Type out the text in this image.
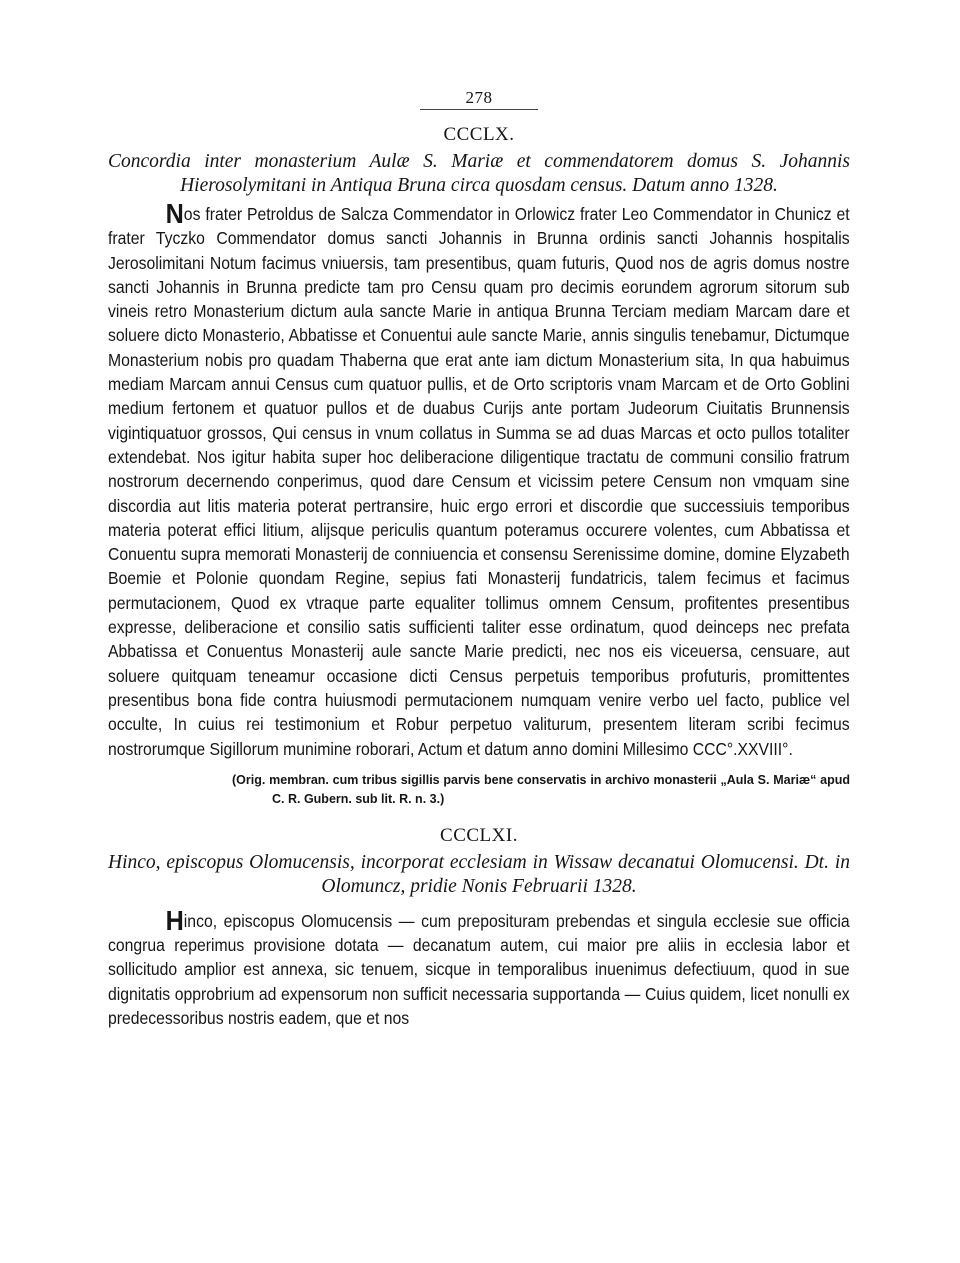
278
CCCLX.
Concordia inter monasterium Aulæ S. Mariæ et commendatorem domus S. Johannis Hierosolymitani in Antiqua Bruna circa quosdam census. Datum anno 1328.

Nos frater Petroldus de Salcza Commendator in Orlowicz frater Leo Commendator in Chunicz et frater Tyczko Commendator domus sancti Johannis in Brunna ordinis sancti Johannis hospitalis Jerosolimitani Notum facimus vniuersis, tam presentibus, quam futuris, Quod nos de agris domus nostre sancti Johannis in Brunna predicte tam pro Censu quam pro decimis eorundem agrorum sitorum sub vineis retro Monasterium dictum aula sancte Marie in antiqua Brunna Terciam mediam Marcam dare et soluere dicto Monasterio, Abbatisse et Conuentui aule sancte Marie, annis singulis tenebamur, Dictumque Monasterium nobis pro quadam Thaberna que erat ante iam dictum Monasterium sita, In qua habuimus mediam Marcam annui Census cum quatuor pullis, et de Orto scriptoris vnam Marcam et de Orto Goblini medium fertonem et quatuor pullos et de duabus Curijs ante portam Judeorum Ciuitatis Brunnensis vigintiquatuor grossos, Qui census in vnum collatus in Summa se ad duas Marcas et octo pullos totaliter extendebat. Nos igitur habita super hoc deliberacione diligentique tractatu de communi consilio fratrum nostrorum decernendo conperimus, quod dare Censum et vicissim petere Censum non vmquam sine discordia aut litis materia poterat pertransire, huic ergo errori et discordie que successiuis temporibus materia poterat effici litium, alijsque periculis quantum poteramus occurere volentes, cum Abbatissa et Conuentu supra memorati Monasterij de conniuencia et consensu Serenissime domine, domine Elyzabeth Boemie et Polonie quondam Regine, sepius fati Monasterij fundatricis, talem fecimus et facimus permutacionem, Quod ex vtraque parte equaliter tollimus omnem Censum, profitentes presentibus expresse, deliberacione et consilio satis sufficienti taliter esse ordinatum, quod deinceps nec prefata Abbatissa et Conuentus Monasterij aule sancte Marie predicti, nec nos eis viceuersa, censuare, aut soluere quitquam teneamur occasione dicti Census perpetuis temporibus profuturis, promittentes presentibus bona fide contra huiusmodi permutacionem numquam venire verbo uel facto, publice vel occulte, In cuius rei testimonium et Robur perpetuo valiturum, presentem literam scribi fecimus nostrorumque Sigillorum munimine roborari, Actum et datum anno domini Millesimo CCC°.XXVIII°.

(Orig. membran. cum tribus sigillis parvis bene conservatis in archivo monasterii „Aula S. Mariæ“ apud C. R. Gubern. sub lit. R. n. 3.)
CCCLXI.
Hinco, episcopus Olomucensis, incorporat ecclesiam in Wissaw decanatui Olomucensi. Dt. in Olomuncz, pridie Nonis Februarii 1328.

Hinco, episcopus Olomucensis — cum preposituram prebendas et singula ecclesie sue officia congrua reperimus provisione dotata — decanatum autem, cui maior pre aliis in ecclesia labor et sollicitudo amplior est annexa, sic tenuem, sicque in temporalibus inuenimus defectiuum, quod in sue dignitatis opprobrium ad expensorum non sufficit necessaria supportanda — Cuius quidem, licet nonulli ex predecessoribus nostris eadem, que et nos
